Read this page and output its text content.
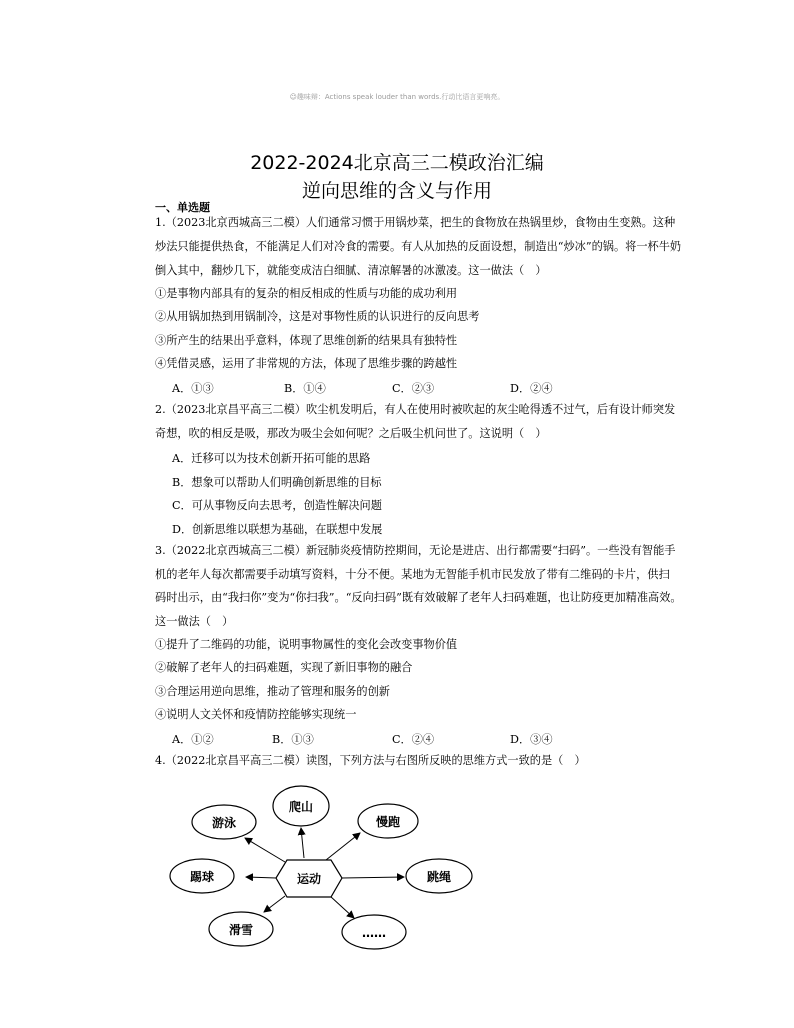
☺趣味辩：Actions speak louder than words.行动比语言更响亮。
2022-2024北京高三二模政治汇编
逆向思维的含义与作用
一、单选题
1.（2023北京西城高三二模）人们通常习惯于用锅炒菜，把生的食物放在热锅里炒，食物由生变熟。这种
炒法只能提供热食，不能满足人们对冷食的需要。有人从加热的反面设想，制造出“炒冰”的锅。将一杯牛奶
倒入其中，翻炒几下，就能变成洁白细腻、清凉解暑的冰激凌。这一做法（　）
①是事物内部具有的复杂的相反相成的性质与功能的成功利用
②从用锅加热到用锅制冷，这是对事物性质的认识进行的反向思考
③所产生的结果出乎意料，体现了思维创新的结果具有独特性
④凭借灵感，运用了非常规的方法，体现了思维步骤的跨越性
A．①③	B．①④	C．②③	D．②④
2.（2023北京昌平高三二模）吹尘机发明后，有人在使用时被吹起的灰尘呛得透不过气，后有设计师突发
奇想，吹的相反是吸，那改为吸尘会如何呢？之后吸尘机问世了。这说明（　）
A．迁移可以为技术创新开拓可能的思路
B．想象可以帮助人们明确创新思维的目标
C．可从事物反向去思考，创造性解决问题
D．创新思维以联想为基础，在联想中发展
3.（2022北京西城高三二模）新冠肺炎疫情防控期间，无论是进店、出行都需要“扫码”。一些没有智能手
机的老年人每次都需要手动填写资料，十分不便。某地为无智能手机市民发放了带有二维码的卡片，供扫
码时出示，由“我扫你”变为“你扫我”。“反向扫码”既有效破解了老年人扫码难题，也让防疫更加精准高效。
这一做法（　）
①提升了二维码的功能，说明事物属性的变化会改变事物价值
②破解了老年人的扫码难题，实现了新旧事物的融合
③合理运用逆向思维，推动了管理和服务的创新
④说明人文关怀和疫情防控能够实现统一
A．①②	B．①③	C．②④	D．③④
4.（2022北京昌平高三二模）读图，下列方法与右图所反映的思维方式一致的是（　）
运动
爬山
游泳	慢跑
踢球	跳绳
滑雪	……
